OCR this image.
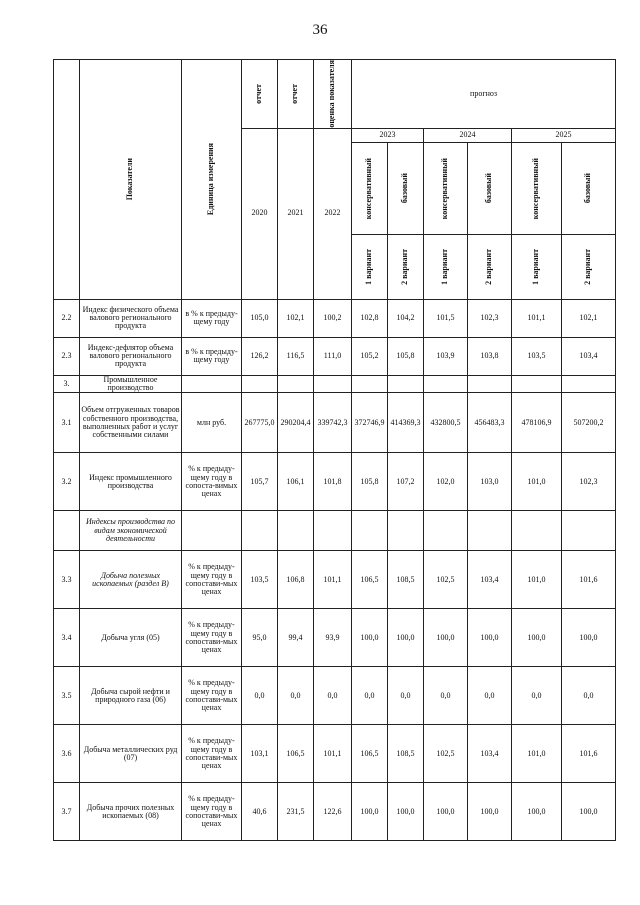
36

	Показатели	Единица измерения	отчет	отчет	оценка показателя	прогноз					
			2020	2021	2022	2023		2024		2025	

						консервативный	базовый	консервативный	базовый	консервативный	базовый

						1 вариант	2 вариант	1 вариант	2 вариант	1 вариант	2 вариант

2.2	Индекс физического объема валового регионального продукта	в % к предыду-щему году	105,0	102,1	100,2	102,8	104,2	101,5	102,3	101,1	102,1
2.3	Индекс-дефлятор объема валового регионального продукта	в % к предыду-щему году	126,2	116,5	111,0	105,2	105,8	103,9	103,8	103,5	103,4
3.	Промышленное производство										
3.1	Объем отгруженных товаров собственного производства, выполненных работ и услуг собственными силами	млн руб.	267775,0	290204,4	339742,3	372746,9	414369,3	432800,5	456483,3	478106,9	507200,2
3.2	Индекс промышленного производства	% к предыду-щему году в сопоста-вимых ценах	105,7	106,1	101,8	105,8	107,2	102,0	103,0	101,0	102,3
	Индексы производства по видам экономической деятельности										
3.3	Добыча полезных ископаемых (раздел B)	% к предыду-щему году в сопостави-мых ценах	103,5	106,8	101,1	106,5	108,5	102,5	103,4	101,0	101,6
3.4	Добыча угля (05)	% к предыду-щему году в сопостави-мых ценах	95,0	99,4	93,9	100,0	100,0	100,0	100,0	100,0	100,0
3.5	Добыча сырой нефти и природного газа (06)	% к предыду-щему году в сопостави-мых ценах	0,0	0,0	0,0	0,0	0,0	0,0	0,0	0,0	0,0
3.6	Добыча металлических руд (07)	% к предыду-щему году в сопостави-мых ценах	103,1	106,5	101,1	106,5	108,5	102,5	103,4	101,0	101,6
3.7	Добыча прочих полезных ископаемых (08)	% к предыду-щему году в сопостави-мых ценах	40,6	231,5	122,6	100,0	100,0	100,0	100,0	100,0	100,0
